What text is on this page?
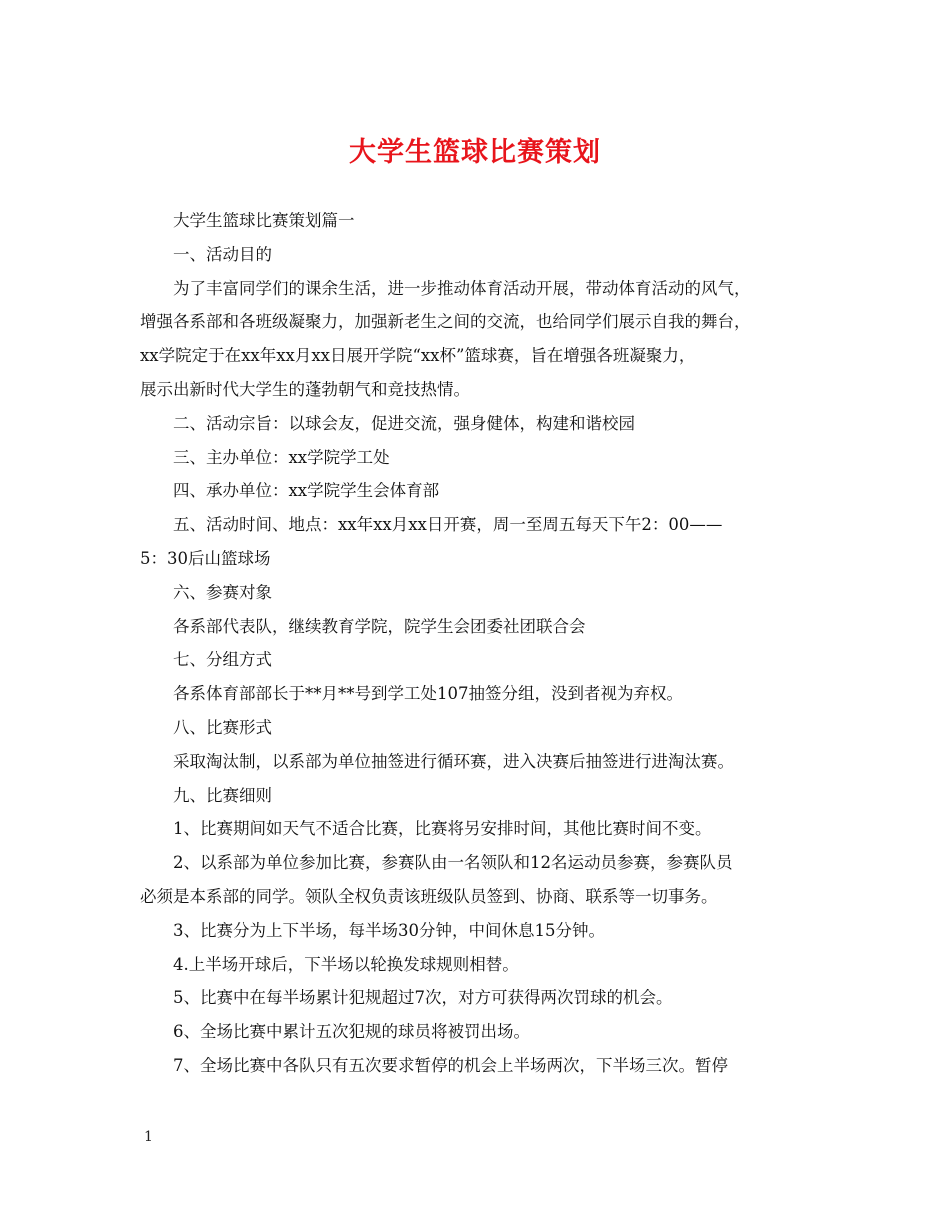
大学生篮球比赛策划
大学生篮球比赛策划篇一
一、活动目的
为了丰富同学们的课余生活，进一步推动体育活动开展，带动体育活动的风气，
增强各系部和各班级凝聚力，加强新老生之间的交流，也给同学们展示自我的舞台，
xx学院定于在xx年xx月xx日展开学院“xx杯”篮球赛，旨在增强各班凝聚力，
展示出新时代大学生的蓬勃朝气和竞技热情。
二、活动宗旨：以球会友，促进交流，强身健体，构建和谐校园
三、主办单位：xx学院学工处
四、承办单位：xx学院学生会体育部
五、活动时间、地点：xx年xx月xx日开赛，周一至周五每天下午2：00——
5：30后山篮球场
六、参赛对象
各系部代表队，继续教育学院，院学生会团委社团联合会
七、分组方式
各系体育部部长于**月**号到学工处107抽签分组，没到者视为弃权。
八、比赛形式
采取淘汰制，以系部为单位抽签进行循环赛，进入决赛后抽签进行进淘汰赛。
九、比赛细则
1、比赛期间如天气不适合比赛，比赛将另安排时间，其他比赛时间不变。
2、以系部为单位参加比赛，参赛队由一名领队和12名运动员参赛，参赛队员
必须是本系部的同学。领队全权负责该班级队员签到、协商、联系等一切事务。
3、比赛分为上下半场，每半场30分钟，中间休息15分钟。
4.上半场开球后，下半场以轮换发球规则相替。
5、比赛中在每半场累计犯规超过7次，对方可获得两次罚球的机会。
6、全场比赛中累计五次犯规的球员将被罚出场。
7、全场比赛中各队只有五次要求暂停的机会上半场两次，下半场三次。暂停
1
